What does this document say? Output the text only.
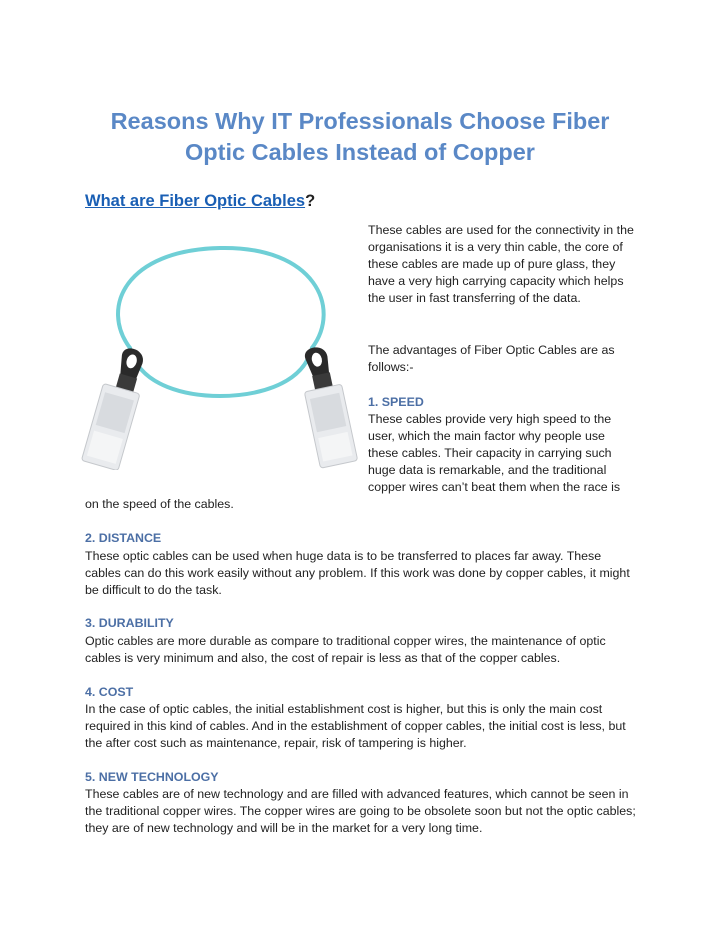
Reasons Why IT Professionals Choose Fiber
Optic Cables Instead of Copper
What are Fiber Optic Cables?

These cables are used for the connectivity in the organisations it is a very thin cable, the core of these cables are made up of pure glass, they have a very high carrying capacity which helps the user in fast transferring of the data.

The advantages of Fiber Optic Cables are as follows:-

1. SPEED

These cables provide very high speed to the user, which the main factor why people use these cables. Their capacity in carrying such huge data is remarkable, and the traditional copper wires can’t beat them when the race is

on the speed of the cables.

2. DISTANCE

These optic cables can be used when huge data is to be transferred to places far away. These cables can do this work easily without any problem. If this work was done by copper cables, it might be difficult to do the task.

3. DURABILITY

Optic cables are more durable as compare to traditional copper wires, the maintenance of optic cables is very minimum and also, the cost of repair is less as that of the copper cables.

4. COST

In the case of optic cables, the initial establishment cost is higher, but this is only the main cost required in this kind of cables. And in the establishment of copper cables, the initial cost is less, but the after cost such as maintenance, repair, risk of tampering is higher.

5. NEW TECHNOLOGY

These cables are of new technology and are filled with advanced features, which cannot be seen in the traditional copper wires. The copper wires are going to be obsolete soon but not the optic cables; they are of new technology and will be in the market for a very long time.
